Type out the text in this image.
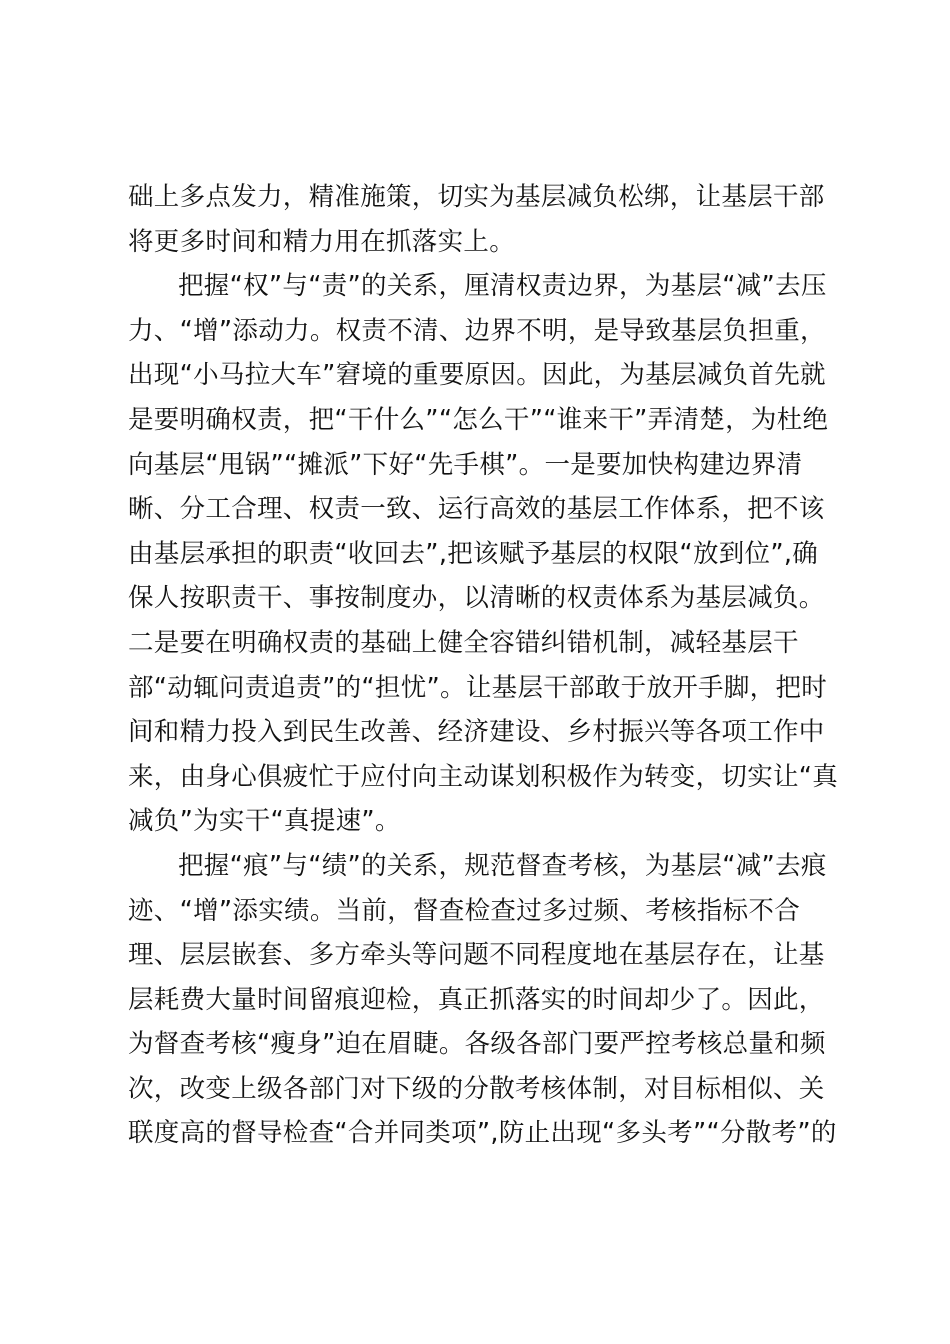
础上多点发力，精准施策，切实为基层减负松绑，让基层干部
将更多时间和精力用在抓落实上。
把握“权”与“责”的关系，厘清权责边界，为基层“减”去压
力、“增”添动力。权责不清、边界不明，是导致基层负担重，
出现“小马拉大车”窘境的重要原因。因此，为基层减负首先就
是要明确权责，把“干什么”“怎么干”“谁来干”弄清楚，为杜绝
向基层“甩锅”“摊派”下好“先手棋”。一是要加快构建边界清
晰、分工合理、权责一致、运行高效的基层工作体系，把不该
由基层承担的职责“收回去”,把该赋予基层的权限“放到位”,确
保人按职责干、事按制度办，以清晰的权责体系为基层减负。
二是要在明确权责的基础上健全容错纠错机制，减轻基层干
部“动辄问责追责”的“担忧”。让基层干部敢于放开手脚，把时
间和精力投入到民生改善、经济建设、乡村振兴等各项工作中
来，由身心俱疲忙于应付向主动谋划积极作为转变，切实让“真
减负”为实干“真提速”。
把握“痕”与“绩”的关系，规范督查考核，为基层“减”去痕
迹、“增”添实绩。当前，督查检查过多过频、考核指标不合
理、层层嵌套、多方牵头等问题不同程度地在基层存在，让基
层耗费大量时间留痕迎检，真正抓落实的时间却少了。因此，
为督查考核“瘦身”迫在眉睫。各级各部门要严控考核总量和频
次，改变上级各部门对下级的分散考核体制，对目标相似、关
联度高的督导检查“合并同类项”,防止出现“多头考”“分散考”的
